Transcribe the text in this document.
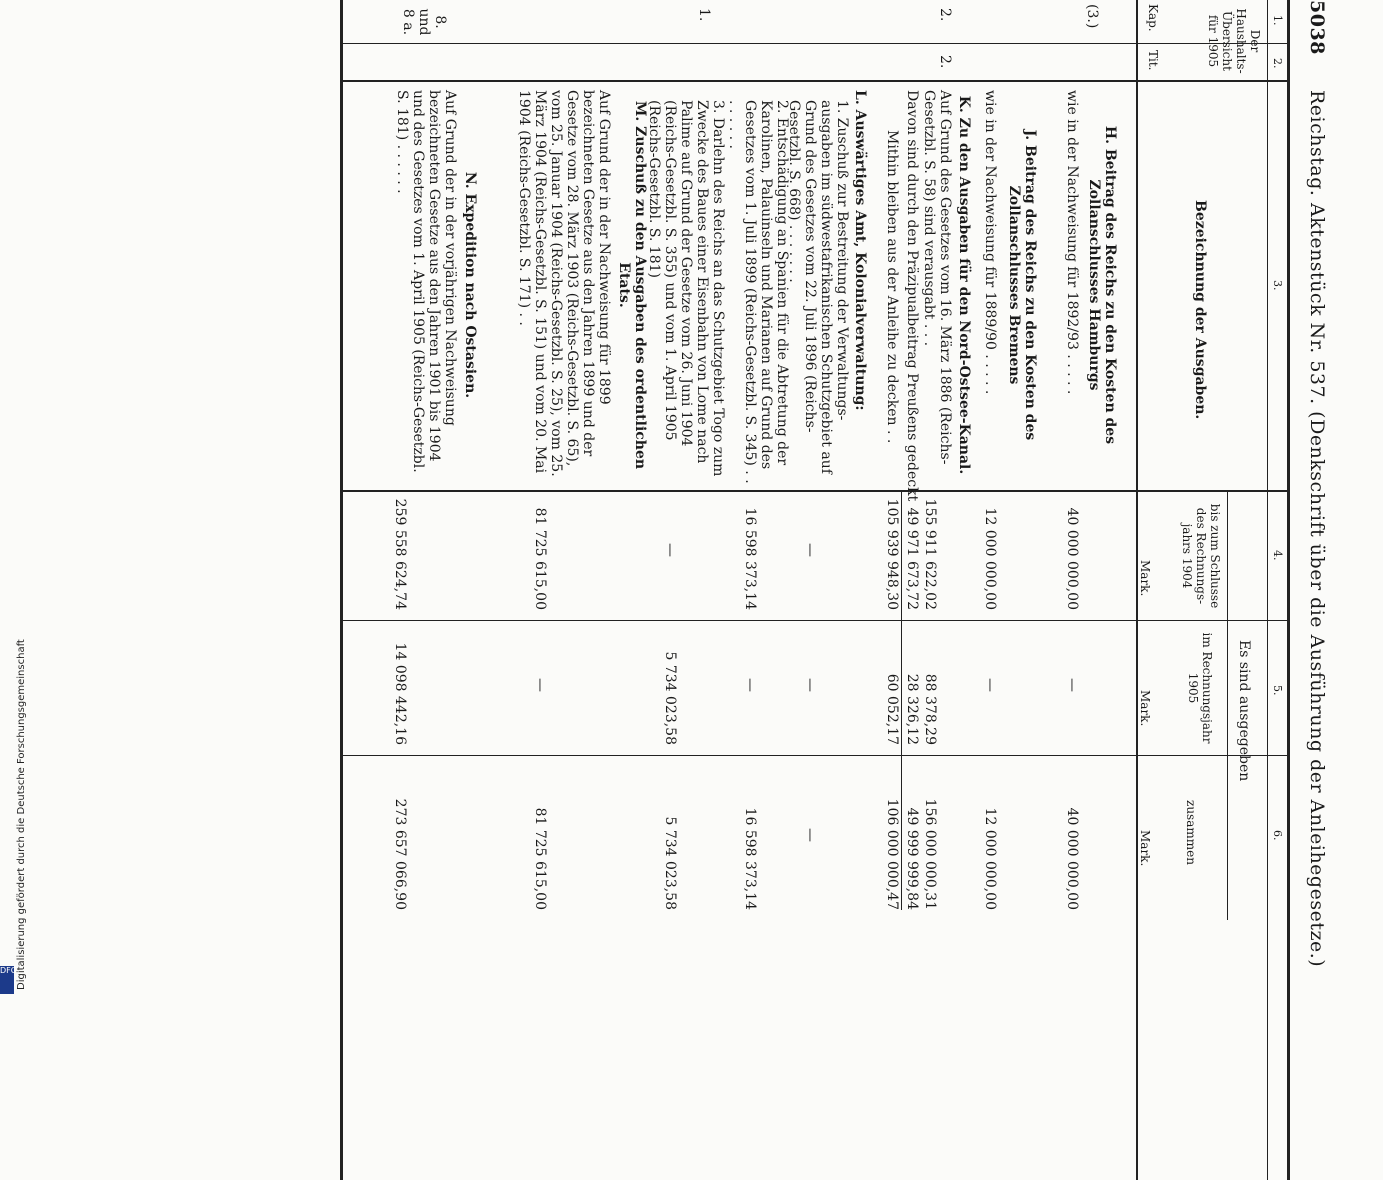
5038
Reichstag. Aktenstück Nr. 537. (Denkschrift über die Ausführung der Anleihegesetze.)
1.
2.
3.
4.
5.
6.
Der Haushalts-Übersicht für 1905
Kap.
Tit.
Bezeichnung der Ausgaben.
Es sind ausgegeben
bis zum Schlusse des Rechnungs-jahrs 1904
im Rechnungsjahr 1905
zusammen
Mark.
Mark.
Mark.
(3.)
H. Beitrag des Reichs zu den Kosten des Zollanschlusses Hamburgs
wie in der Nachweisung für 1892/93 . . . . .
40 000 000,00
—
40 000 000,00
J. Beitrag des Reichs zu den Kosten des Zollanschlusses Bremens
wie in der Nachweisung für 1889/90 . . . . .
12 000 000,00
—
12 000 000,00
2.
2.
K. Zu den Ausgaben für den Nord-Ostsee-Kanal.
Auf Grund des Gesetzes vom 16. März 1886 (Reichs-Gesetzbl. S. 58) sind verausgabt . . .
155 911 622,02
88 378,29
156 000 000,31
Davon sind durch den Präzipualbeitrag Preußens gedeckt
49 971 673,72
28 326,12
49 999 999,84
Mithin bleiben aus der Anleihe zu decken . .
105 939 948,30
60 052,17
106 000 000,47
L. Auswärtiges Amt, Kolonialverwaltung:
1. Zuschuß zur Bestreitung der Verwaltungs-ausgaben im südwestafrikanischen Schutzgebiet auf Grund des Gesetzes vom 22. Juli 1896 (Reichs-Gesetzbl. S. 668) . . . . . . .
—
—
—
2. Entschädigung an Spanien für die Abtretung der Karolinen, Palauinseln und Marianen auf Grund des Gesetzes vom 1. Juli 1899 (Reichs-Gesetzbl. S. 345) . . . . . . . .
16 598 373,14
—
16 598 373,14
1.
3. Darlehn des Reichs an das Schutzgebiet Togo zum Zwecke des Baues einer Eisenbahn von Lome nach Palime auf Grund der Gesetze vom 26. Juni 1904 (Reichs-Gesetzbl. S. 355) und vom 1. April 1905 (Reichs-Gesetzbl. S. 181)
—
5 734 023,58
5 734 023,58
M. Zuschuß zu den Ausgaben des ordentlichen Etats.
Auf Grund der in der Nachweisung für 1899 bezeichneten Gesetze aus den Jahren 1899 und der Gesetze vom 28. März 1903 (Reichs-Gesetzbl. S. 65), vom 25. Januar 1904 (Reichs-Gesetzbl. S. 25), vom 25. März 1904 (Reichs-Gesetzbl. S. 151) und vom 20. Mai 1904 (Reichs-Gesetzbl. S. 171) . .
81 725 615,00
—
81 725 615,00
8. und 8 a.
N. Expedition nach Ostasien.
Auf Grund der in der vorjährigen Nachweisung bezeichneten Gesetze aus den Jahren 1901 bis 1904 und des Gesetzes vom 1. April 1905 (Reichs-Gesetzbl. S. 181) . . . . . .
259 558 624,74
14 098 442,16
273 657 066,90
Digitalisierung gefördert durch die Deutsche Forschungsgemeinschaft
DFG
